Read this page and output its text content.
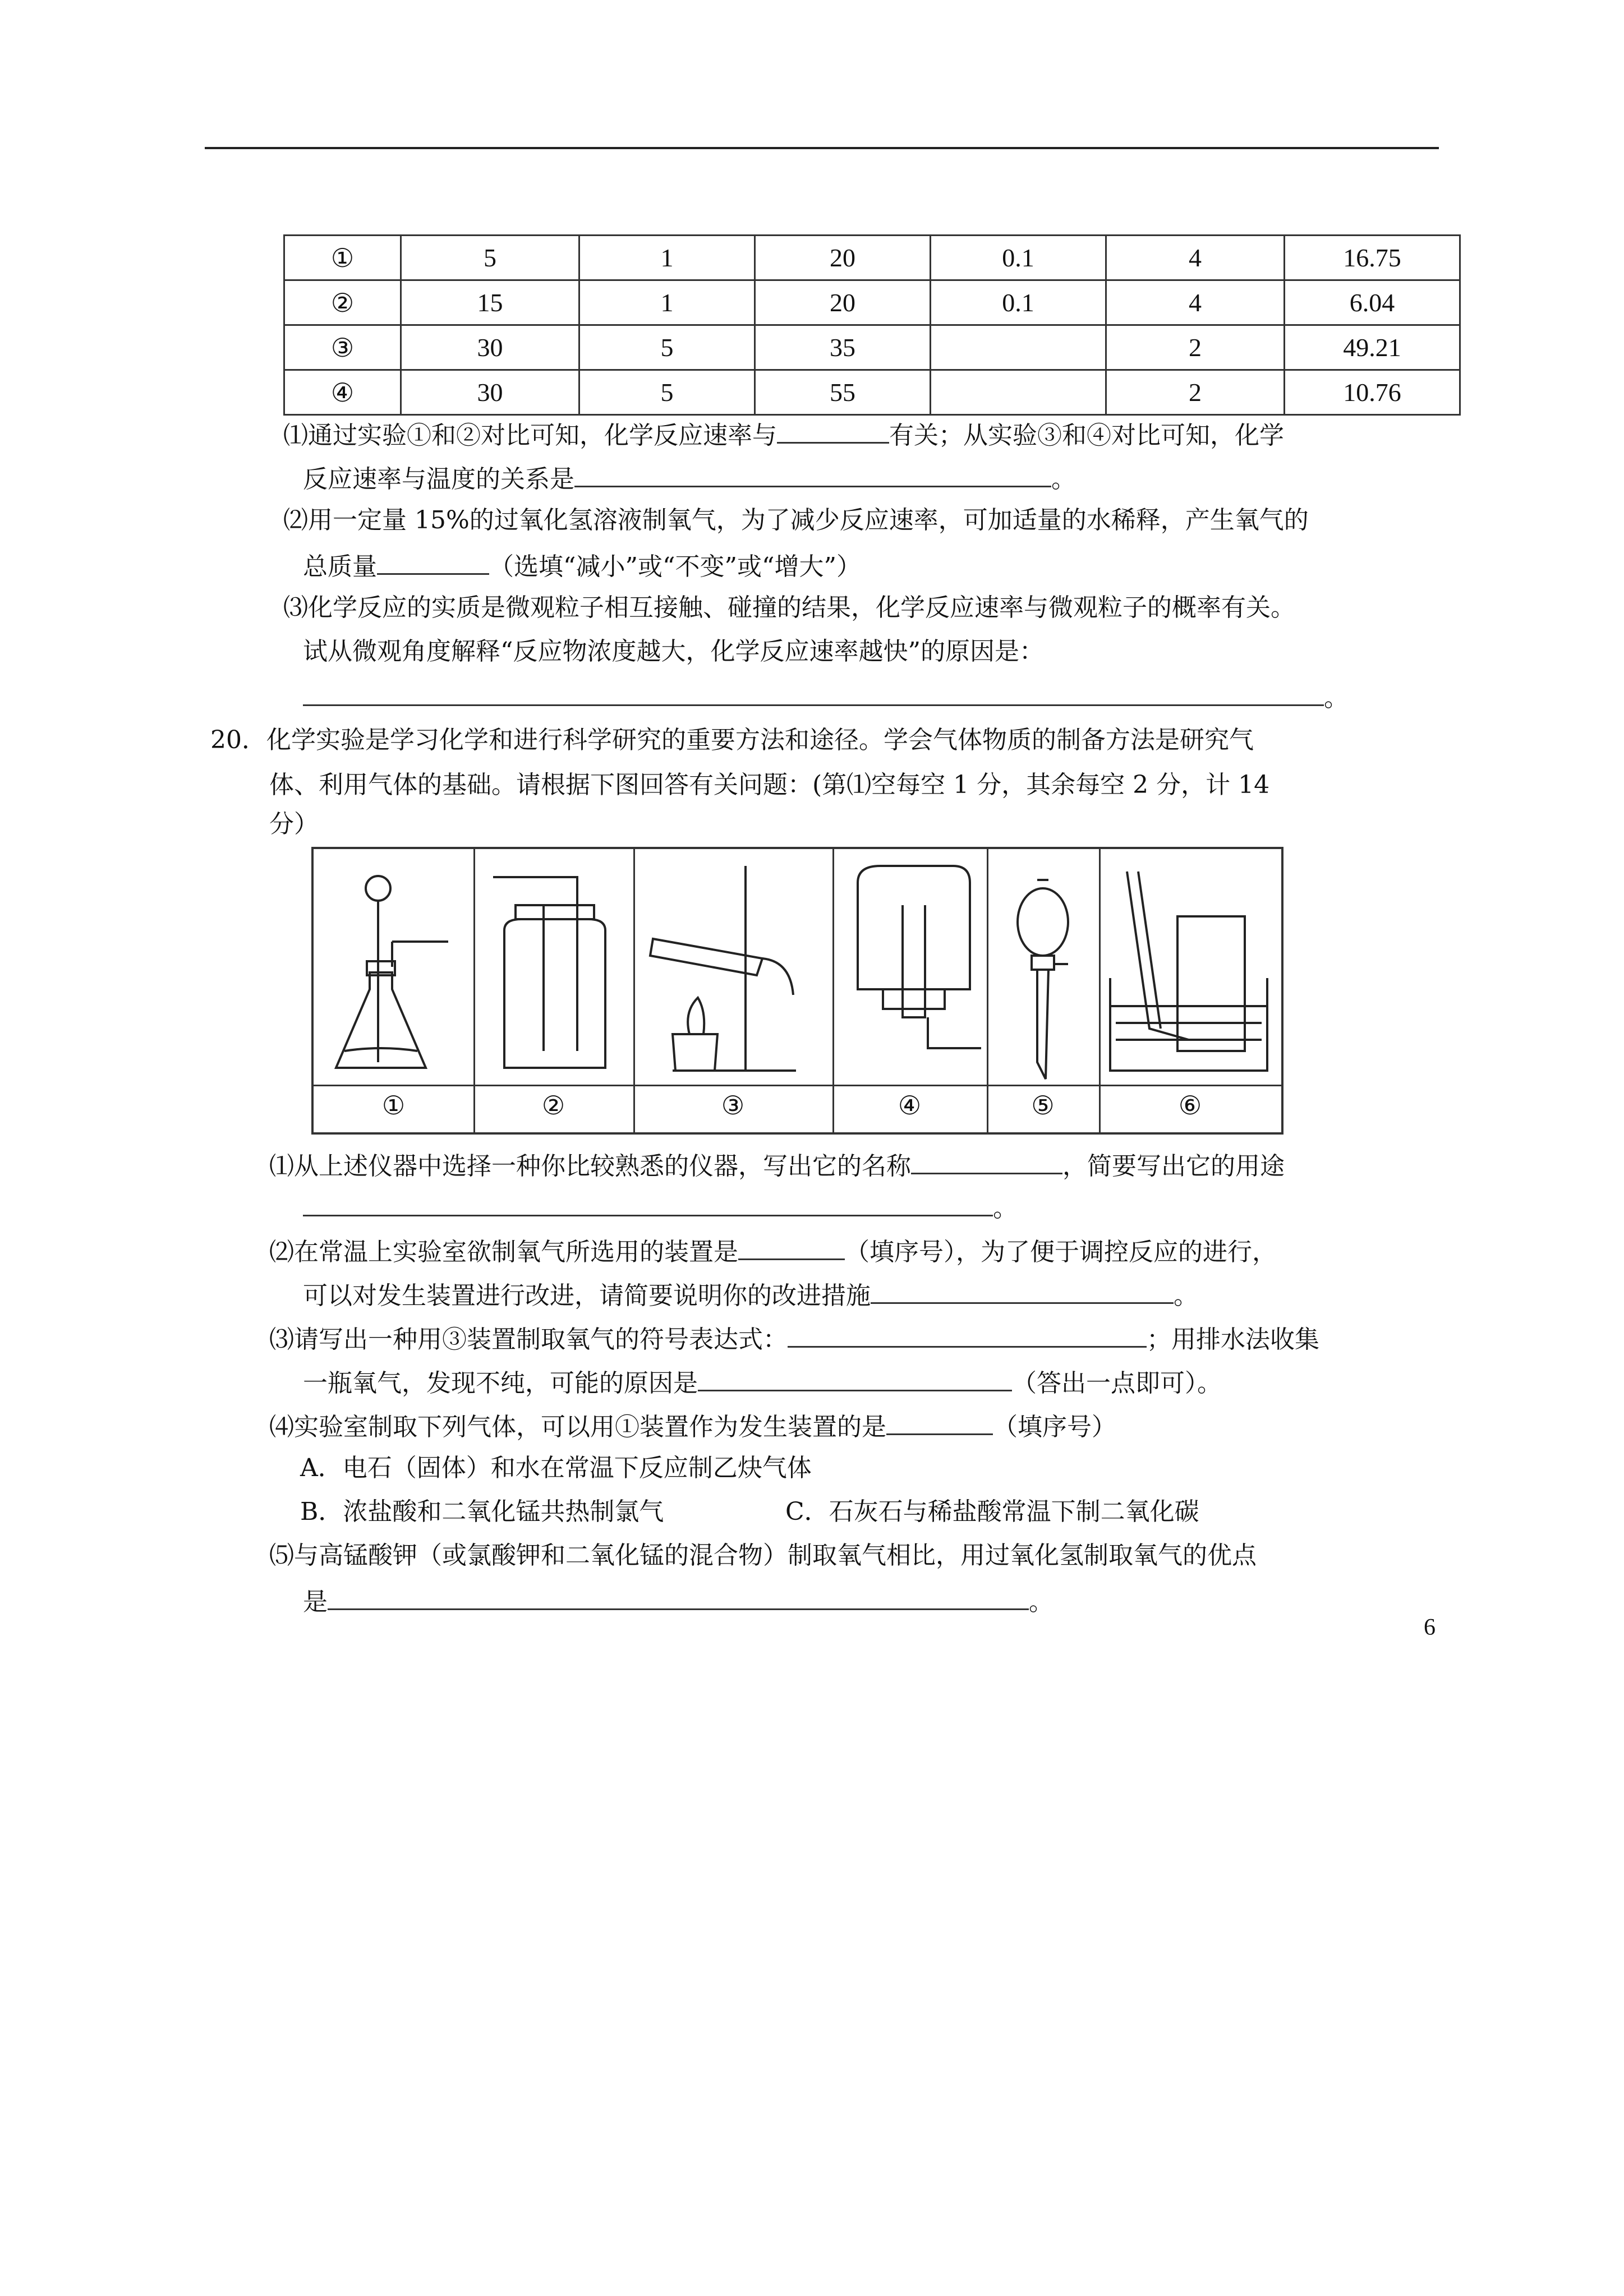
①	5	1	20	0.1	4	16.75
②	15	1	20	0.1	4	6.04
③	30	5	35		2	49.21
④	30	5	55		2	10.76
⑴通过实验①和②对比可知，化学反应速率与	有关；从实验③和④对比可知，化学
反应速率与温度的关系是	。
⑵用一定量 15%的过氧化氢溶液制氧气，为了减少反应速率，可加适量的水稀释，产生氧气的
总质量	（选填“减小”或“不变”或“增大”）
⑶化学反应的实质是微观粒子相互接触、碰撞的结果，化学反应速率与微观粒子的概率有关。
试从微观角度解释“反应物浓度越大，化学反应速率越快”的原因是：
。
20．化学实验是学习化学和进行科学研究的重要方法和途径。学会气体物质的制备方法是研究气
体、利用气体的基础。请根据下图回答有关问题：(第⑴空每空 1 分，其余每空 2 分，计 14
分）
①	②	③	④	⑤	⑥
⑴从上述仪器中选择一种你比较熟悉的仪器，写出它的名称	，简要写出它的用途
。
⑵在常温上实验室欲制氧气所选用的装置是	（填序号），为了便于调控反应的进行，
可以对发生装置进行改进，请简要说明你的改进措施	。
⑶请写出一种用③装置制取氧气的符号表达式：	；用排水法收集
一瓶氧气，发现不纯，可能的原因是	（答出一点即可）。
⑷实验室制取下列气体，可以用①装置作为发生装置的是	（填序号）
A．电石（固体）和水在常温下反应制乙炔气体
B．浓盐酸和二氧化锰共热制氯气	C．石灰石与稀盐酸常温下制二氧化碳
⑸与高锰酸钾（或氯酸钾和二氧化锰的混合物）制取氧气相比，用过氧化氢制取氧气的优点
是	。
6
